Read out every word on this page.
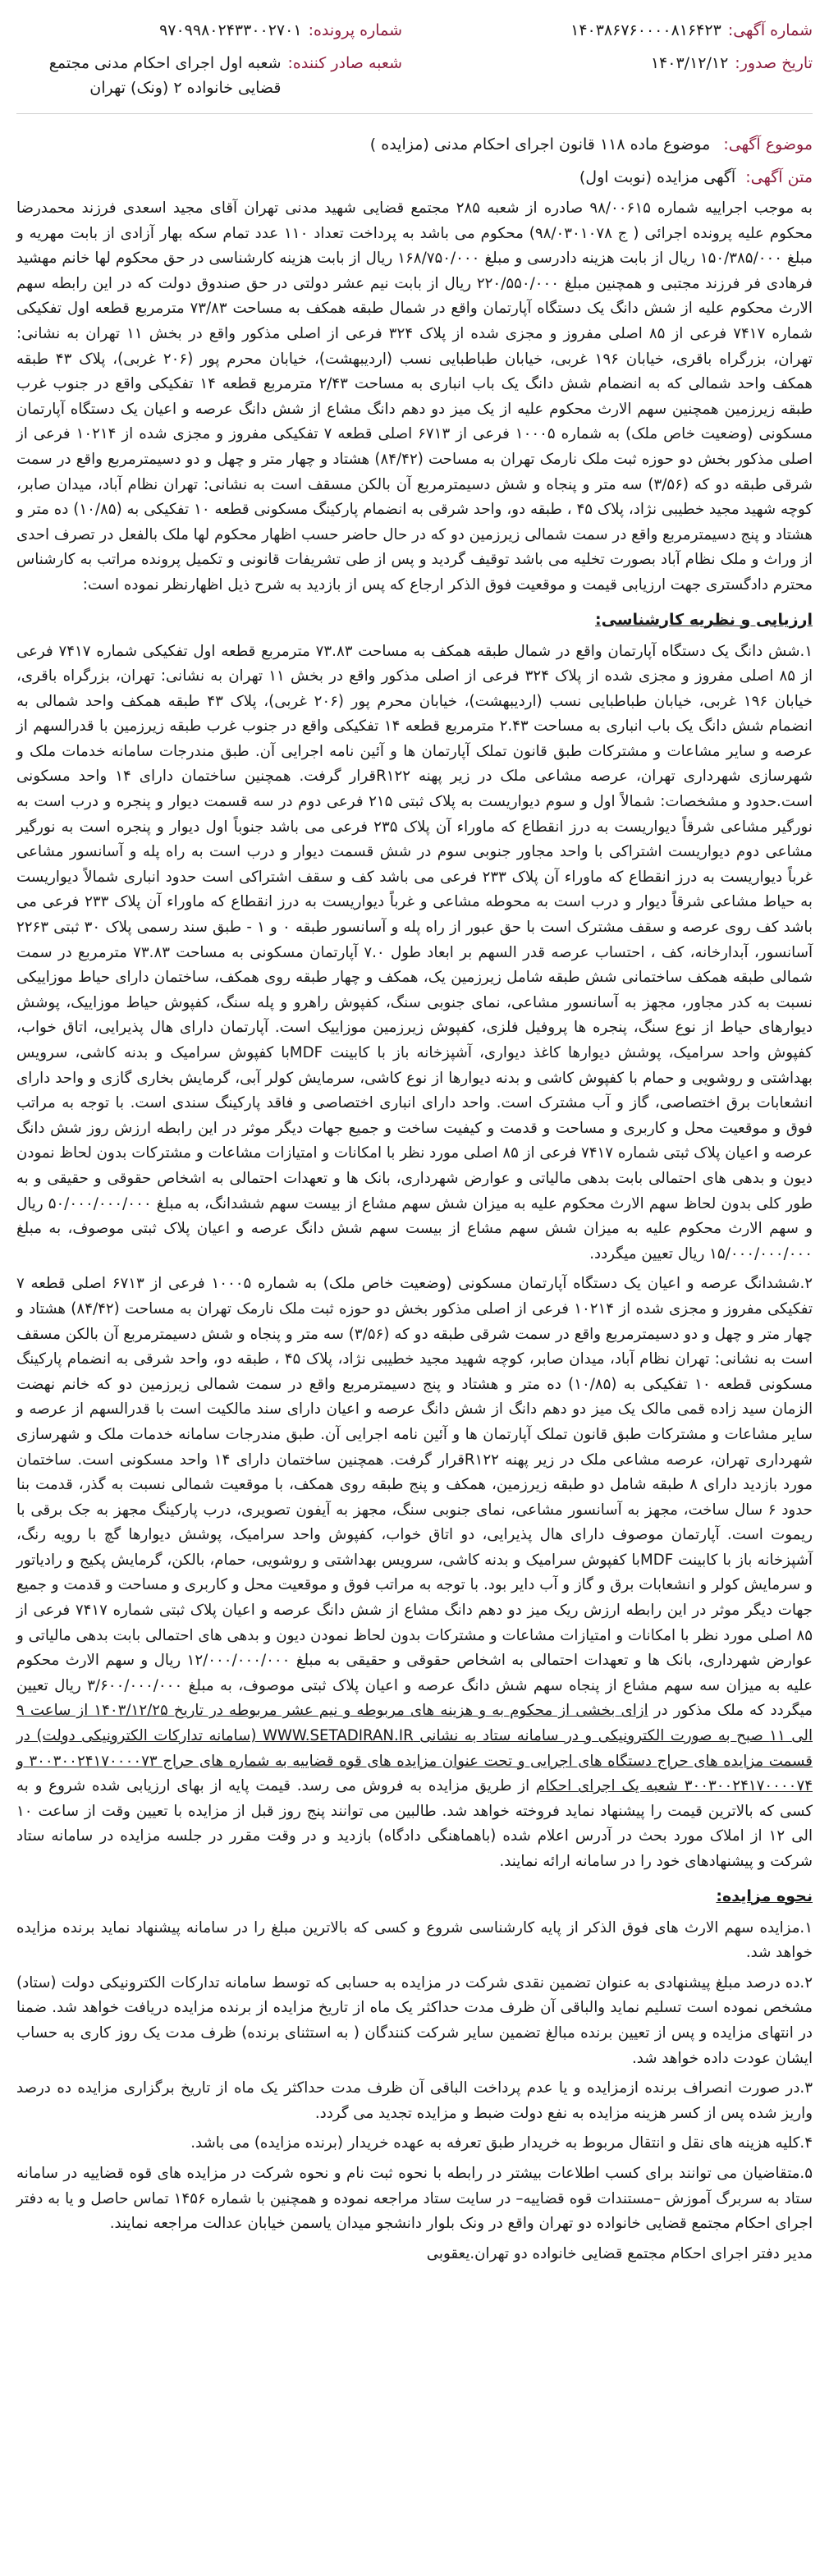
شماره آگهی:
۱۴۰۳۸۶۷۶۰۰۰۰۸۱۶۴۲۳
شماره پرونده:
۹۷۰۹۹۸۰۲۴۳۳۰۰۲۷۰۱
تاریخ صدور:
۱۴۰۳/۱۲/۱۲
شعبه صادر کننده:
شعبه اول اجرای احکام مدنی مجتمع قضایی خانواده ۲ (ونک) تهران
موضوع آگهی: موضوع ماده ۱۱۸ قانون اجرای احکام مدنی (مزایده )
متن آگهی: آگهی مزایده (نوبت اول)

به موجب اجراییه شماره ۹۸/۰۰۶۱۵ صادره از شعبه ۲۸۵ مجتمع قضایی شهید مدنی تهران آقای مجید اسعدی فرزند محمدرضا محکوم علیه پرونده اجرائی ( ج ۹۸/۰۳۰۱۰۷۸) محکوم می باشد به پرداخت تعداد ۱۱۰ عدد تمام سکه بهار آزادی از بابت مهریه و مبلغ ۱۵۰/۳۸۵/۰۰۰ ریال از بابت هزینه دادرسی و مبلغ ۱۶۸/۷۵۰/۰۰۰ ریال از بابت هزینه کارشناسی در حق محکوم لها خانم مهشید فرهادی فر فرزند مجتبی و همچنین مبلغ ۲۲۰/۵۵۰/۰۰۰ ریال از بابت نیم عشر دولتی در حق صندوق دولت که در این رابطه سهم الارث محکوم علیه از شش دانگ یک دستگاه آپارتمان واقع در شمال طبقه همکف به مساحت ۷۳/۸۳ مترمربع قطعه اول تفکیکی شماره ۷۴۱۷ فرعی از ۸۵ اصلی مفروز و مجزی شده از پلاک ۳۲۴ فرعی از اصلی مذکور واقع در بخش ۱۱ تهران به نشانی: تهران، بزرگراه باقری، خیابان ۱۹۶ غربی، خیابان طباطبایی نسب (اردیبهشت)، خیابان محرم پور (۲۰۶ غربی)، پلاک ۴۳ طبقه همکف واحد شمالی که به انضمام شش دانگ یک باب انباری به مساحت ۲/۴۳ مترمربع قطعه ۱۴ تفکیکی واقع در جنوب غرب طبقه زیرزمین همچنین سهم الارث محکوم علیه از یک میز دو دهم دانگ مشاع از شش دانگ عرصه و اعیان یک دستگاه آپارتمان مسکونی (وضعیت خاص ملک) به شماره ۱۰۰۰۵ فرعی از ۶۷۱۳ اصلی قطعه ۷ تفکیکی مفروز و مجزی شده از ۱۰۲۱۴ فرعی از اصلی مذکور بخش دو حوزه ثبت ملک نارمک تهران به مساحت (۸۴/۴۲) هشتاد و چهار متر و چهل و دو دسیمترمربع واقع در سمت شرقی طبقه دو که (۳/۵۶) سه متر و پنجاه و شش دسیمترمربع آن بالکن مسقف است به نشانی: تهران نظام آباد، میدان صابر، کوچه شهید مجید خطیبی نژاد، پلاک ۴۵ ، طبقه دو، واحد شرقی به انضمام پارکینگ مسکونی قطعه ۱۰ تفکیکی به (۱۰/۸۵) ده متر و هشتاد و پنج دسیمترمربع واقع در سمت شمالی زیرزمین دو که در حال حاضر حسب اظهار محکوم لها ملک بالفعل در تصرف احدی از وراث و ملک نظام آباد بصورت تخلیه می باشد توقیف گردید و پس از طی تشریفات قانونی و تکمیل پرونده مراتب به کارشناس محترم دادگستری جهت ارزیابی قیمت و موقعیت فوق الذکر ارجاع که پس از بازدید به شرح ذیل اظهارنظر نموده است:

ارزیابی و نظریه کارشناسی:

۱.شش دانگ یک دستگاه آپارتمان واقع در شمال طبقه همکف به مساحت ۷۳.۸۳ مترمربع قطعه اول تفکیکی شماره ۷۴۱۷ فرعی از ۸۵ اصلی مفروز و مجزی شده از پلاک ۳۲۴ فرعی از اصلی مذکور واقع در بخش ۱۱ تهران به نشانی: تهران، بزرگراه باقری، خیابان ۱۹۶ غربی، خیابان طباطبایی نسب (اردیبهشت)، خیابان محرم پور (۲۰۶ غربی)، پلاک ۴۳ طبقه همکف واحد شمالی به انضمام شش دانگ یک باب انباری به مساحت ۲.۴۳ مترمربع قطعه ۱۴ تفکیکی واقع در جنوب غرب طبقه زیرزمین با قدرالسهم از عرصه و سایر مشاعات و مشترکات طبق قانون تملک آپارتمان ها و آئین نامه اجرایی آن. طبق مندرجات سامانه خدمات ملک و شهرسازی شهرداری تهران، عرصه مشاعی ملک در زیر پهنه R۱۲۲قرار گرفت. همچنین ساختمان دارای ۱۴ واحد مسکونی است.حدود و مشخصات: شمالاً اول و سوم دیواریست به پلاک ثبتی ۲۱۵ فرعی دوم در سه قسمت دیوار و پنجره و درب است به نورگیر مشاعی شرقاً دیواریست به درز انقطاع که ماوراء آن پلاک ۲۳۵ فرعی می باشد جنوباً اول دیوار و پنجره است به نورگیر مشاعی دوم دیواریست اشتراکی با واحد مجاور جنوبی سوم در شش قسمت دیوار و درب است به راه پله و آسانسور مشاعی غرباً دیواریست به درز انقطاع که ماوراء آن پلاک ۲۳۳ فرعی می باشد کف و سقف اشتراکی است حدود انباری شمالاً دیواریست به حیاط مشاعی شرقاً دیوار و درب است به محوطه مشاعی و غرباً دیواریست به درز انقطاع که ماوراء آن پلاک ۲۳۳ فرعی می باشد کف روی عرصه و سقف مشترک است با حق عبور از راه پله و آسانسور طبقه ۰ و ۱ - طبق سند رسمی پلاک ۳۰ ثبتی ۲۲۶۳ آسانسور، آبدارخانه، کف ، احتساب عرصه قدر السهم بر ابعاد طول ۷.۰ آپارتمان مسکونی به مساحت ۷۳.۸۳ مترمربع در سمت شمالی طبقه همکف ساختمانی شش طبقه شامل زیرزمین یک، همکف و چهار طبقه روی همکف، ساختمان دارای حیاط موزاییکی نسبت به کدر مجاور، مجهز به آسانسور مشاعی، نمای جنوبی سنگ، کفپوش راهرو و پله سنگ، کفپوش حیاط موزاییک، پوشش دیوارهای حیاط از نوع سنگ، پنجره ها پروفیل فلزی، کفپوش زیرزمین موزاییک است. آپارتمان دارای هال پذیرایی، اتاق خواب، کفپوش واحد سرامیک، پوشش دیوارها کاغذ دیواری، آشپزخانه باز با کابینت MDFبا کفپوش سرامیک و بدنه کاشی، سرویس بهداشتی و روشویی و حمام با کفپوش کاشی و بدنه دیوارها از نوع کاشی، سرمایش کولر آبی، گرمایش بخاری گازی و واحد دارای انشعابات برق اختصاصی، گاز و آب مشترک است. واحد دارای انباری اختصاصی و فاقد پارکینگ سندی است. با توجه به مراتب فوق و موقعیت محل و کاربری و مساحت و قدمت و کیفیت ساخت و جمیع جهات دیگر موثر در این رابطه ارزش روز شش دانگ عرصه و اعیان پلاک ثبتی شماره ۷۴۱۷ فرعی از ۸۵ اصلی مورد نظر با امکانات و امتیازات مشاعات و مشترکات بدون لحاظ نمودن دیون و بدهی های احتمالی بابت بدهی مالیاتی و عوارض شهرداری، بانک ها و تعهدات احتمالی به اشخاص حقوقی و حقیقی و به طور کلی بدون لحاظ سهم الارث محکوم علیه به میزان شش سهم مشاع از بیست سهم ششدانگ، به مبلغ ۵۰/۰۰۰/۰۰۰/۰۰۰ ریال و سهم الارث محکوم علیه به میزان شش سهم مشاع از بیست سهم شش دانگ عرصه و اعیان پلاک ثبتی موصوف، به مبلغ ۱۵/۰۰۰/۰۰۰/۰۰۰ ریال تعیین میگردد.

۲.ششدانگ عرصه و اعیان یک دستگاه آپارتمان مسکونی (وضعیت خاص ملک) به شماره ۱۰۰۰۵ فرعی از ۶۷۱۳ اصلی قطعه ۷ تفکیکی مفروز و مجزی شده از ۱۰۲۱۴ فرعی از اصلی مذکور بخش دو حوزه ثبت ملک نارمک تهران به مساحت (۸۴/۴۲) هشتاد و چهار متر و چهل و دو دسیمترمربع واقع در سمت شرقی طبقه دو که (۳/۵۶) سه متر و پنجاه و شش دسیمترمربع آن بالکن مسقف است به نشانی: تهران نظام آباد، میدان صابر، کوچه شهید مجید خطیبی نژاد، پلاک ۴۵ ، طبقه دو، واحد شرقی به انضمام پارکینگ مسکونی قطعه ۱۰ تفکیکی به (۱۰/۸۵) ده متر و هشتاد و پنج دسیمترمربع واقع در سمت شمالی زیرزمین دو که خانم نهضت الزمان سید زاده قمی مالک یک میز دو دهم دانگ از شش دانگ عرصه و اعیان دارای سند مالکیت است با قدرالسهم از عرصه و سایر مشاعات و مشترکات طبق قانون تملک آپارتمان ها و آئین نامه اجرایی آن. طبق مندرجات سامانه خدمات ملک و شهرسازی شهرداری تهران، عرصه مشاعی ملک در زیر پهنه R۱۲۲قرار گرفت. همچنین ساختمان دارای ۱۴ واحد مسکونی است. ساختمان مورد بازدید دارای ۸ طبقه شامل دو طبقه زیرزمین، همکف و پنج طبقه روی همکف، با موقعیت شمالی نسبت به گذر، قدمت بنا حدود ۶ سال ساخت، مجهز به آسانسور مشاعی، نمای جنوبی سنگ، مجهز به آیفون تصویری، درب پارکینگ مجهز به جک برقی با ریموت است. آپارتمان موصوف دارای هال پذیرایی، دو اتاق خواب، کفپوش واحد سرامیک، پوشش دیوارها گچ با رویه رنگ، آشپزخانه باز با کابینت MDFبا کفپوش سرامیک و بدنه کاشی، سرویس بهداشتی و روشویی، حمام، بالکن، گرمایش پکیج و رادیاتور و سرمایش کولر و انشعابات برق و گاز و آب دایر بود. با توجه به مراتب فوق و موقعیت محل و کاربری و مساحت و قدمت و جمیع جهات دیگر موثر در این رابطه ارزش ریک میز دو دهم دانگ مشاع از شش دانگ عرصه و اعیان پلاک ثبتی شماره ۷۴۱۷ فرعی از ۸۵ اصلی مورد نظر با امکانات و امتیازات مشاعات و مشترکات بدون لحاظ نمودن دیون و بدهی های احتمالی بابت بدهی مالیاتی و عوارض شهرداری، بانک ها و تعهدات احتمالی به اشخاص حقوقی و حقیقی به مبلغ ۱۲/۰۰۰/۰۰۰/۰۰۰ ریال و سهم الارث محکوم علیه به میزان سه سهم مشاع از پنجاه سهم شش دانگ عرصه و اعیان پلاک ثبتی موصوف، به مبلغ ۳/۶۰۰/۰۰۰/۰۰۰ ریال تعیین میگردد که ملک مذکور در ازای بخشی از محکوم به و هزینه های مربوطه و نیم عشر مربوطه در تاریخ ۱۴۰۳/۱۲/۲۵ از ساعت ۹ الی ۱۱ صبح به صورت الکترونیکی و در سامانه ستاد به نشانی WWW.SETADIRAN.IR (سامانه تدارکات الکترونیکی دولت) در قسمت مزایده های حراج دستگاه های اجرایی و تحت عنوان مزایده های قوه قضاییه به شماره های حراج ۳۰۰۳۰۰۲۴۱۷۰۰۰۰۷۳ و ۳۰۰۳۰۰۲۴۱۷۰۰۰۰۷۴ شعبه یک اجرای احکام از طریق مزایده به فروش می رسد. قیمت پایه از بهای ارزیابی شده شروع و به کسی که بالاترین قیمت را پیشنهاد نماید فروخته خواهد شد. طالبین می توانند پنج روز قبل از مزایده با تعیین وقت از ساعت ۱۰ الی ۱۲ از املاک مورد بحث در آدرس اعلام شده (باهماهنگی دادگاه) بازدید و در وقت مقرر در جلسه مزایده در سامانه ستاد شرکت و پیشنهادهای خود را در سامانه ارائه نمایند.

نحوه مزایده:

۱.مزایده سهم الارث های فوق الذکر از پایه کارشناسی شروع و کسی که بالاترین مبلغ را در سامانه پیشنهاد نماید برنده مزایده خواهد شد.

۲.ده درصد مبلغ پیشنهادی به عنوان تضمین نقدی شرکت در مزایده به حسابی که توسط سامانه تدارکات الکترونیکی دولت (ستاد) مشخص نموده است تسلیم نماید والباقی آن ظرف مدت حداکثر یک ماه از تاریخ مزایده از برنده مزایده دریافت خواهد شد. ضمنا در انتهای مزایده و پس از تعیین برنده مبالغ تضمین سایر شرکت کنندگان ( به استثنای برنده) ظرف مدت یک روز کاری به حساب ایشان عودت داده خواهد شد.

۳.در صورت انصراف برنده ازمزایده و یا عدم پرداخت الباقی آن ظرف مدت حداکثر یک ماه از تاریخ برگزاری مزایده ده درصد واریز شده پس از کسر هزینه مزایده به نفع دولت ضبط و مزایده تجدید می گردد.

۴.کلیه هزینه های نقل و انتقال مربوط به خریدار طبق تعرفه به عهده خریدار (برنده مزایده) می باشد.

۵.متقاضیان می توانند برای کسب اطلاعات بیشتر در رابطه با نحوه ثبت نام و نحوه شرکت در مزایده های قوه قضاییه در سامانه ستاد به سربرگ آموزش –مستندات قوه قضاییه– در سایت ستاد مراجعه نموده و همچنین با شماره ۱۴۵۶ تماس حاصل و یا به دفتر اجرای احکام مجتمع قضایی خانواده دو تهران واقع در ونک بلوار دانشجو میدان یاسمن خیابان عدالت مراجعه نمایند.

مدیر دفتر اجرای احکام مجتمع قضایی خانواده دو تهران.یعقوبی
